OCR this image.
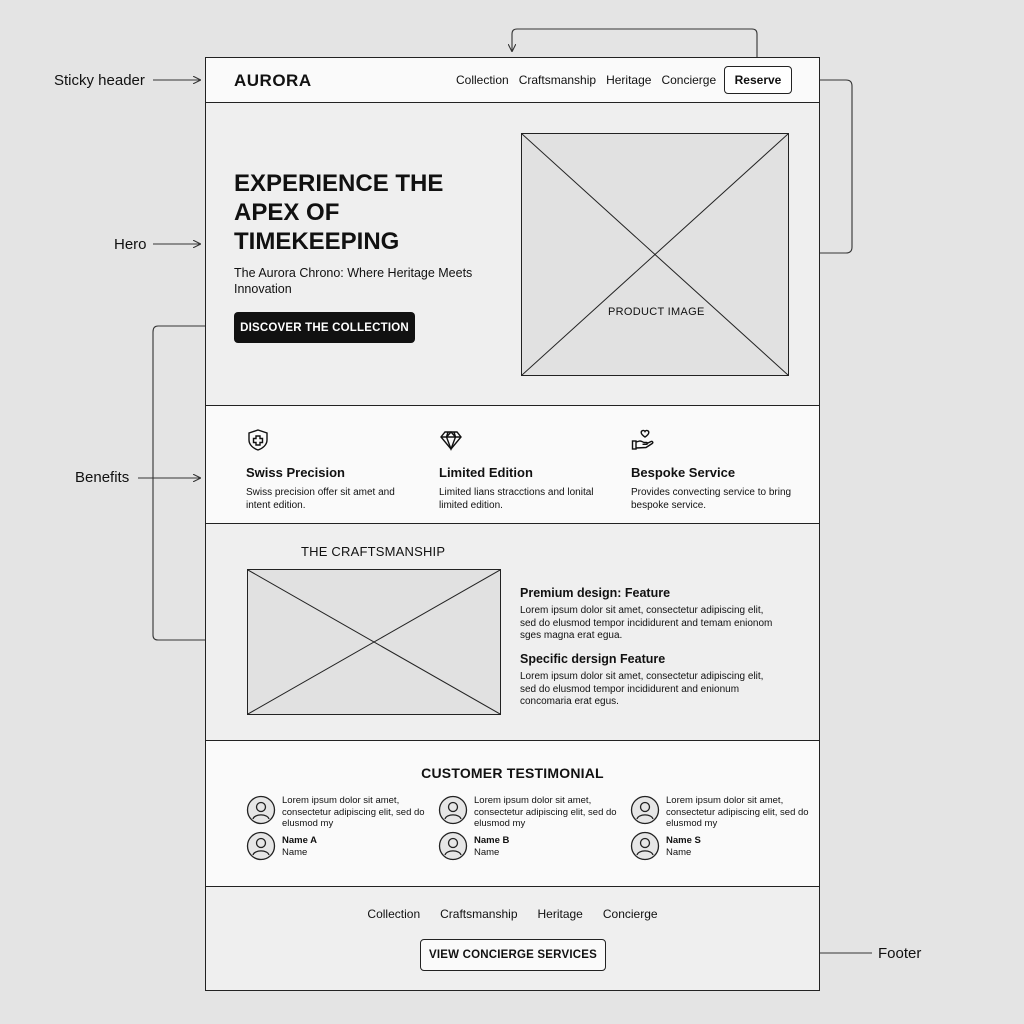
Sticky header
Hero
Benefits
Footer
AURORA	Collection Craftsmanship Heritage Concierge	Reserve
EXPERIENCE THE
APEX OF
TIMEKEEPING
The Aurora Chrono: Where Heritage Meets Innovation
DISCOVER THE COLLECTION
PRODUCT IMAGE
Swiss Precision
Swiss precision offer sit amet and intent edition.
Limited Edition
Limited lians stracctions and lonital limited edition.
Bespoke Service
Provides convecting service to bring bespoke service.
THE CRAFTSMANSHIP
Premium design: Feature
Lorem ipsum dolor sit amet, consectetur adipiscing elit, sed do elusmod tempor incididurent and temam enionom sges magna erat egua.
Specific dersign Feature
Lorem ipsum dolor sit amet, consectetur adipiscing elit, sed do elusmod tempor incididurent and enionum concomaria erat egus.
CUSTOMER TESTIMONIAL
Lorem ipsum dolor sit amet, consectetur adipiscing elit, sed do elusmod my
Name A
Name
Lorem ipsum dolor sit amet, consectetur adipiscing elit, sed do elusmod my
Name B
Name
Lorem ipsum dolor sit amet, consectetur adipiscing elit, sed do elusmod my
Name S
Name
Collection Craftsmanship Heritage Concierge
VIEW CONCIERGE SERVICES
